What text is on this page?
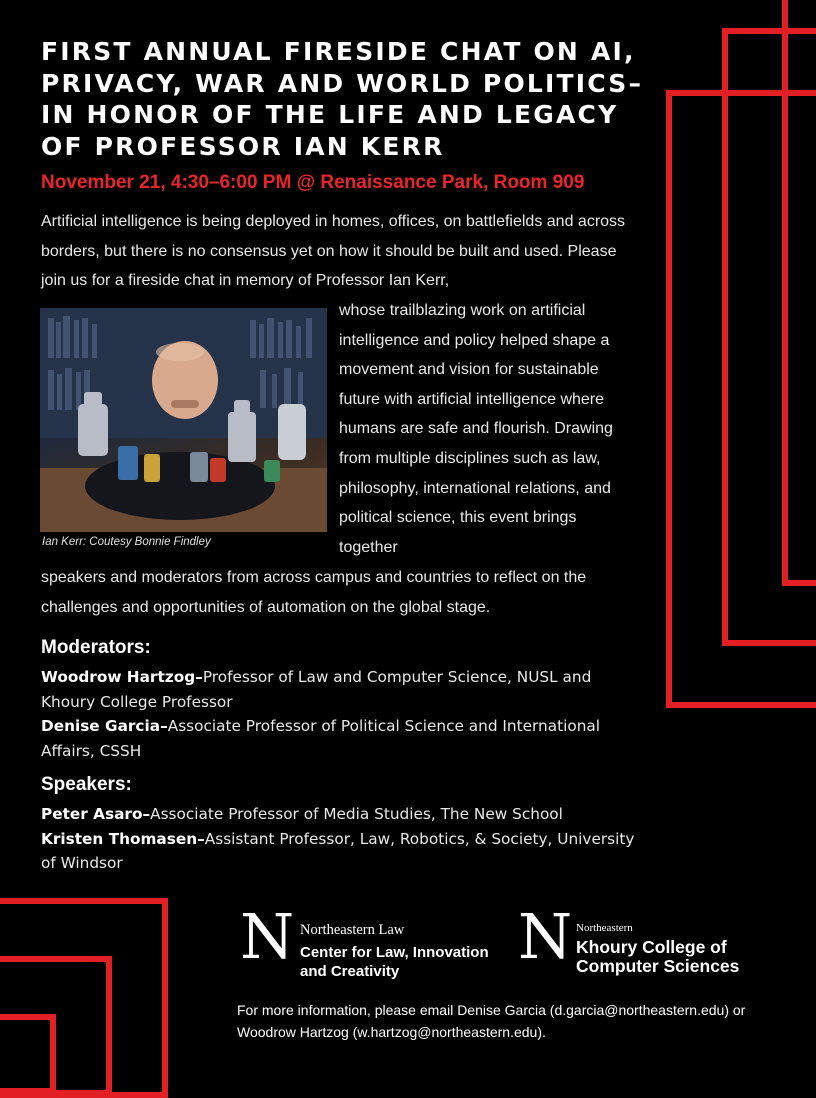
FIRST ANNUAL FIRESIDE CHAT ON AI, PRIVACY, WAR AND WORLD POLITICS–IN HONOR OF THE LIFE AND LEGACY OF PROFESSOR IAN KERR

November 21, 4:30–6:00 PM @ Renaissance Park, Room 909

Artificial intelligence is being deployed in homes, offices, on battlefields and across borders, but there is no consensus yet on how it should be built and used. Please join us for a fireside chat in memory of Professor Ian Kerr,

Ian Kerr: Coutesy Bonnie Findley

whose trailblazing work on artificial intelligence and policy helped shape a movement and vision for sustainable future with artificial intelligence where humans are safe and flourish. Drawing from multiple disciplines such as law, philosophy, international relations, and political science, this event brings together

speakers and moderators from across campus and countries to reflect on the challenges and opportunities of automation on the global stage.

Moderators:

Woodrow Hartzog–Professor of Law and Computer Science, NUSL and Khoury College Professor
Denise Garcia–Associate Professor of Political Science and International Affairs, CSSH

Speakers:

Peter Asaro–Associate Professor of Media Studies, The New School
Kristen Thomasen–Assistant Professor, Law, Robotics, & Society, University of Windsor

N Northeastern Law
Center for Law, Innovation and Creativity	N Northeastern
Khoury College of Computer Sciences

For more information, please email Denise Garcia (d.garcia@northeastern.edu) or Woodrow Hartzog (w.hartzog@northeastern.edu).
